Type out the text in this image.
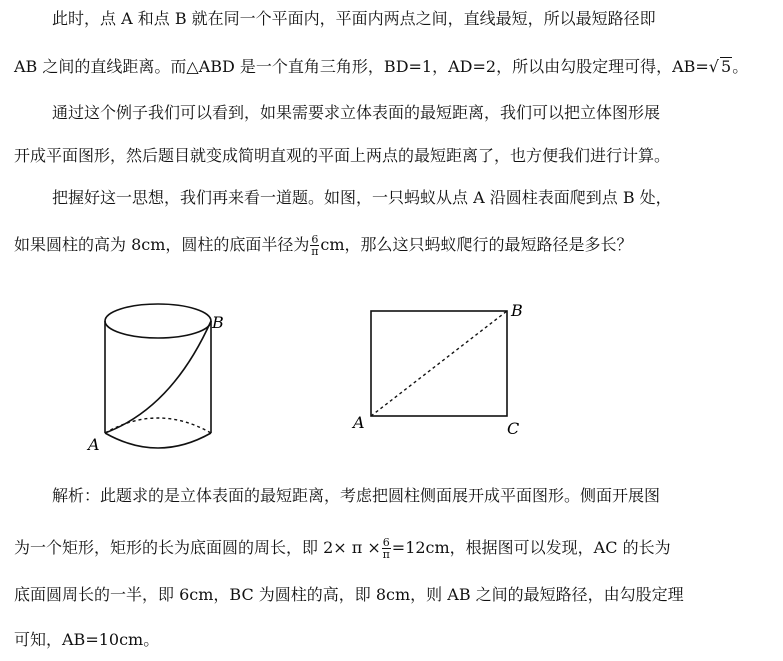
此时，点 A 和点 B 就在同一个平面内，平面内两点之间，直线最短，所以最短路径即
AB 之间的直线距离。而△ABD 是一个直角三角形，BD=1，AD=2，所以由勾股定理可得，AB=√ 5。
通过这个例子我们可以看到，如果需要求立体表面的最短距离，我们可以把立体图形展
开成平面图形，然后题目就变成简明直观的平面上两点的最短距离了，也方便我们进行计算。
把握好这一思想，我们再来看一道题。如图，一只蚂蚁从点 A 沿圆柱表面爬到点 B 处，
如果圆柱的高为 8cm，圆柱的底面半径为 $\frac{6}{\pi}$ cm，那么这只蚂蚁爬行的最短路径是多长？
A
B
A
B
C
解析：此题求的是立体表面的最短距离，考虑把圆柱侧面展开成平面图形。侧面开展图
为一个矩形，矩形的长为底面圆的周长，即 $2\times \pi \times \frac{6}{\pi} =12cm$，根据图可以发现，AC 的长为
底面圆周长的一半，即 6cm，BC 为圆柱的高，即 8cm，则 AB 之间的最短路径，由勾股定理
可知，AB=10cm。
